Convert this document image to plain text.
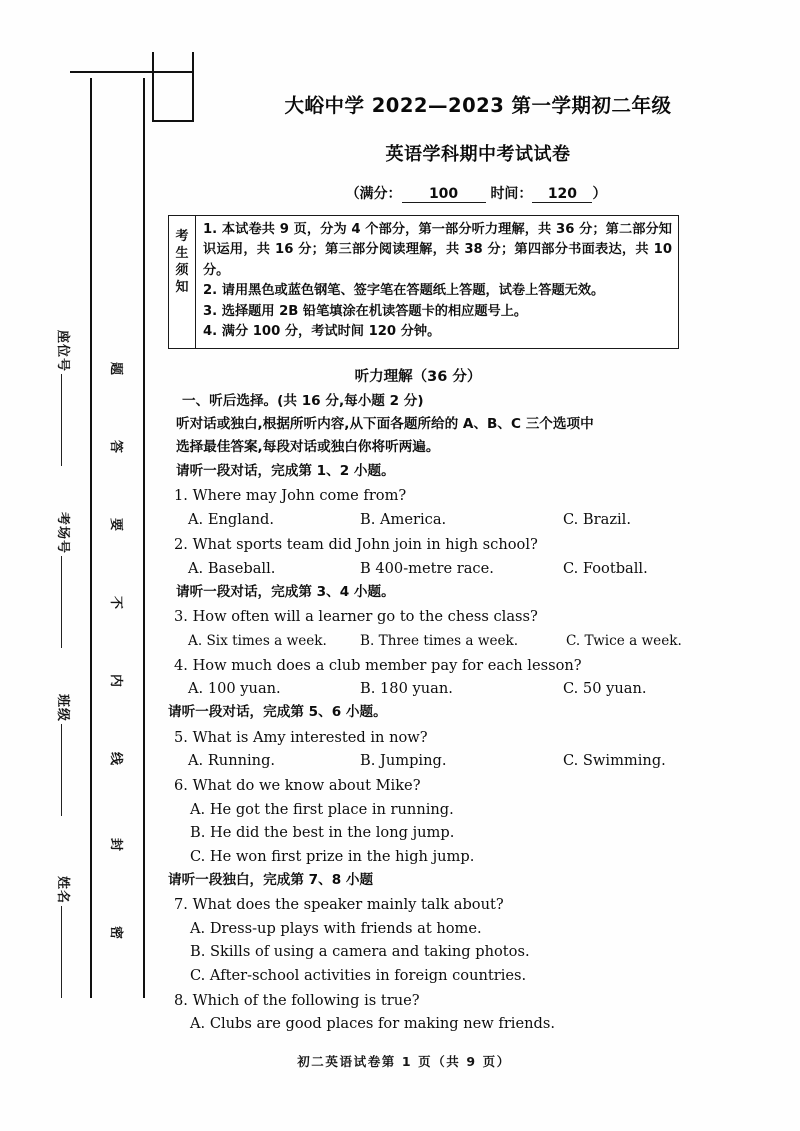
座位号
考场号
班级
姓名
题
答
要
不
内
线
封
密
大峪中学 2022—2023 第一学期初二年级
英语学科期中考试试卷
（满分： 100 时间： 120 ）
考
生
须
知

1. 本试卷共 9 页，分为 4 个部分，第一部分听力理解，共 36 分；第二部分知识运用，共 16 分；第三部分阅读理解，共 38 分；第四部分书面表达，共 10 分。

2. 请用黑色或蓝色钢笔、签字笔在答题纸上答题，试卷上答题无效。

3. 选择题用 2B 铅笔填涂在机读答题卡的相应题号上。

4. 满分 100 分，考试时间 120 分钟。

听力理解（36 分）

一、听后选择。(共 16 分,每小题 2 分)

听对话或独白,根据所听内容,从下面各题所给的 A、B、C 三个选项中

选择最佳答案,每段对话或独白你将听两遍。

请听一段对话，完成第 1、2 小题。

1. Where may John come from?

A. England.	B. America.	C. Brazil.

2. What sports team did John join in high school?

A. Baseball.	B 400-metre race.	C. Football.

请听一段对话，完成第 3、4 小题。

3. How often will a learner go to the chess class?

A. Six times a week. B. Three times a week.	C. Twice a week.

4. How much does a club member pay for each lesson?

A. 100 yuan.	B. 180 yuan.	C. 50 yuan.

请听一段对话，完成第 5、6 小题。

5. What is Amy interested in now?

A. Running.	B. Jumping.	C. Swimming.

6. What do we know about Mike?

A. He got the first place in running.

B. He did the best in the long jump.

C. He won first prize in the high jump.

请听一段独白，完成第 7、8 小题

7. What does the speaker mainly talk about?

A. Dress-up plays with friends at home.

B. Skills of using a camera and taking photos.

C. After-school activities in foreign countries.

8. Which of the following is true?

A. Clubs are good places for making new friends.

初二英语试卷第 1 页（共 9 页）
